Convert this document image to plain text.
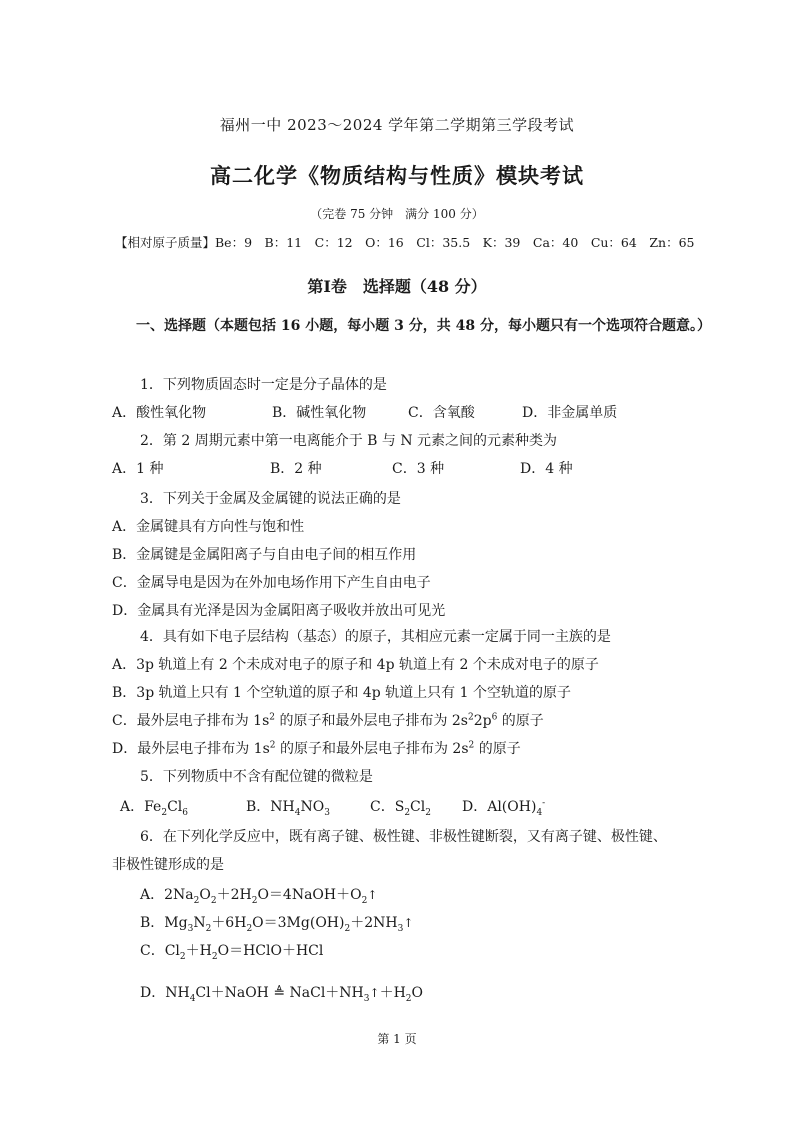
福州一中 2023～2024 学年第二学期第三学段考试
高二化学《物质结构与性质》模块考试
（完卷 75 分钟　满分 100 分）
【相对原子质量】Be：9　B：11　C：12　O：16　Cl：35.5　K：39　Ca：40　Cu：64　Zn：65
第Ⅰ卷　选择题（48 分）
一、选择题（本题包括 16 小题，每小题 3 分，共 48 分，每小题只有一个选项符合题意。）
1．下列物质固态时一定是分子晶体的是
A．酸性氧化物	B．碱性氧化物	C．含氧酸	D．非金属单质
2．第 2 周期元素中第一电离能介于 B 与 N 元素之间的元素种类为
A．1 种	B．2 种	C．3 种	D．4 种
3．下列关于金属及金属键的说法正确的是
A．金属键具有方向性与饱和性
B．金属键是金属阳离子与自由电子间的相互作用
C．金属导电是因为在外加电场作用下产生自由电子
D．金属具有光泽是因为金属阳离子吸收并放出可见光
4．具有如下电子层结构（基态）的原子，其相应元素一定属于同一主族的是
A．3p 轨道上有 2 个未成对电子的原子和 4p 轨道上有 2 个未成对电子的原子
B．3p 轨道上只有 1 个空轨道的原子和 4p 轨道上只有 1 个空轨道的原子
C．最外层电子排布为 $1s^2$ 的原子和最外层电子排布为 $2s^22p^6$ 的原子
D．最外层电子排布为 $1s^2$ 的原子和最外层电子排布为 $2s^2$ 的原子
5．下列物质中不含有配位键的微粒是
A．$Fe_2Cl_6$	B．$NH_4NO_3$	C．$S_2Cl_2$ D．$Al(OH)_4^-$
6．在下列化学反应中，既有离子键、极性键、非极性键断裂，又有离子键、极性键、
非极性键形成的是
A．$2Na_2O_2+2H_2O=4NaOH+O_2↑$
B．$Mg_3N_2+6H_2O=3Mg(OH)_2+2NH_3↑$
C．$Cl_2+H_2O=HClO+HCl$
D．$NH_4Cl+NaOH$ ≜ $NaCl+NH_3↑+H_2O$
第 1 页
